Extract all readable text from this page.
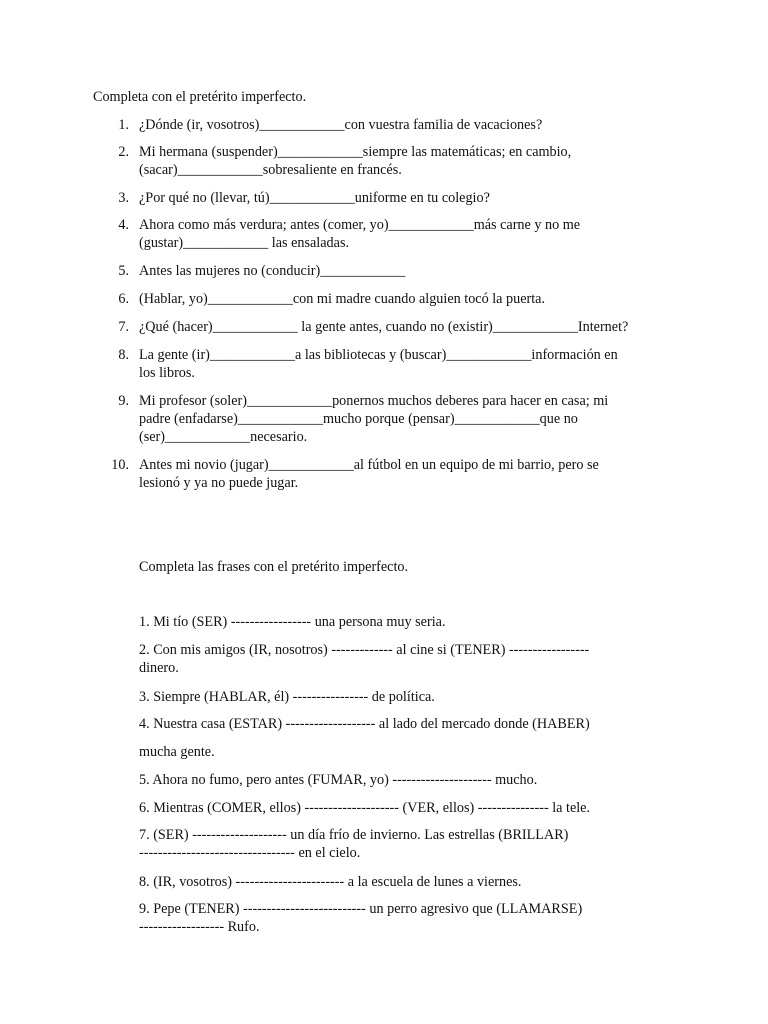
Completa con el pretérito imperfecto.
1. ¿Dónde (ir, vosotros)____________con vuestra familia de vacaciones?
2. Mi hermana (suspender)____________siempre las matemáticas; en cambio,
(sacar)____________sobresaliente en francés.
3. ¿Por qué no (llevar, tú)____________uniforme en tu colegio?
4. Ahora como más verdura; antes (comer, yo)____________más carne y no me
(gustar)____________ las ensaladas.
5. Antes las mujeres no (conducir)____________
6. (Hablar, yo)____________con mi madre cuando alguien tocó la puerta.
7. ¿Qué (hacer)____________ la gente antes, cuando no (existir)____________Internet?
8. La gente (ir)____________a las bibliotecas y (buscar)____________información en
los libros.
9. Mi profesor (soler)____________ponernos muchos deberes para hacer en casa; mi
padre (enfadarse)____________mucho porque (pensar)____________que no
(ser)____________necesario.
10. Antes mi novio (jugar)____________al fútbol en un equipo de mi barrio, pero se
lesionó y ya no puede jugar.
Completa las frases con el pretérito imperfecto.
1. Mi tío (SER) ----------------- una persona muy seria.
2. Con mis amigos (IR, nosotros) ------------- al cine si (TENER) -----------------
dinero.
3. Siempre (HABLAR, él) ---------------- de política.
4. Nuestra casa (ESTAR) ------------------- al lado del mercado donde (HABER)
mucha gente.
5. Ahora no fumo, pero antes (FUMAR, yo) --------------------- mucho.
6. Mientras (COMER, ellos) -------------------- (VER, ellos) --------------- la tele.
7. (SER) -------------------- un día frío de invierno. Las estrellas (BRILLAR)
--------------------------------- en el cielo.
8. (IR, vosotros) ----------------------- a la escuela de lunes a viernes.
9. Pepe (TENER) -------------------------- un perro agresivo que (LLAMARSE)
------------------ Rufo.
